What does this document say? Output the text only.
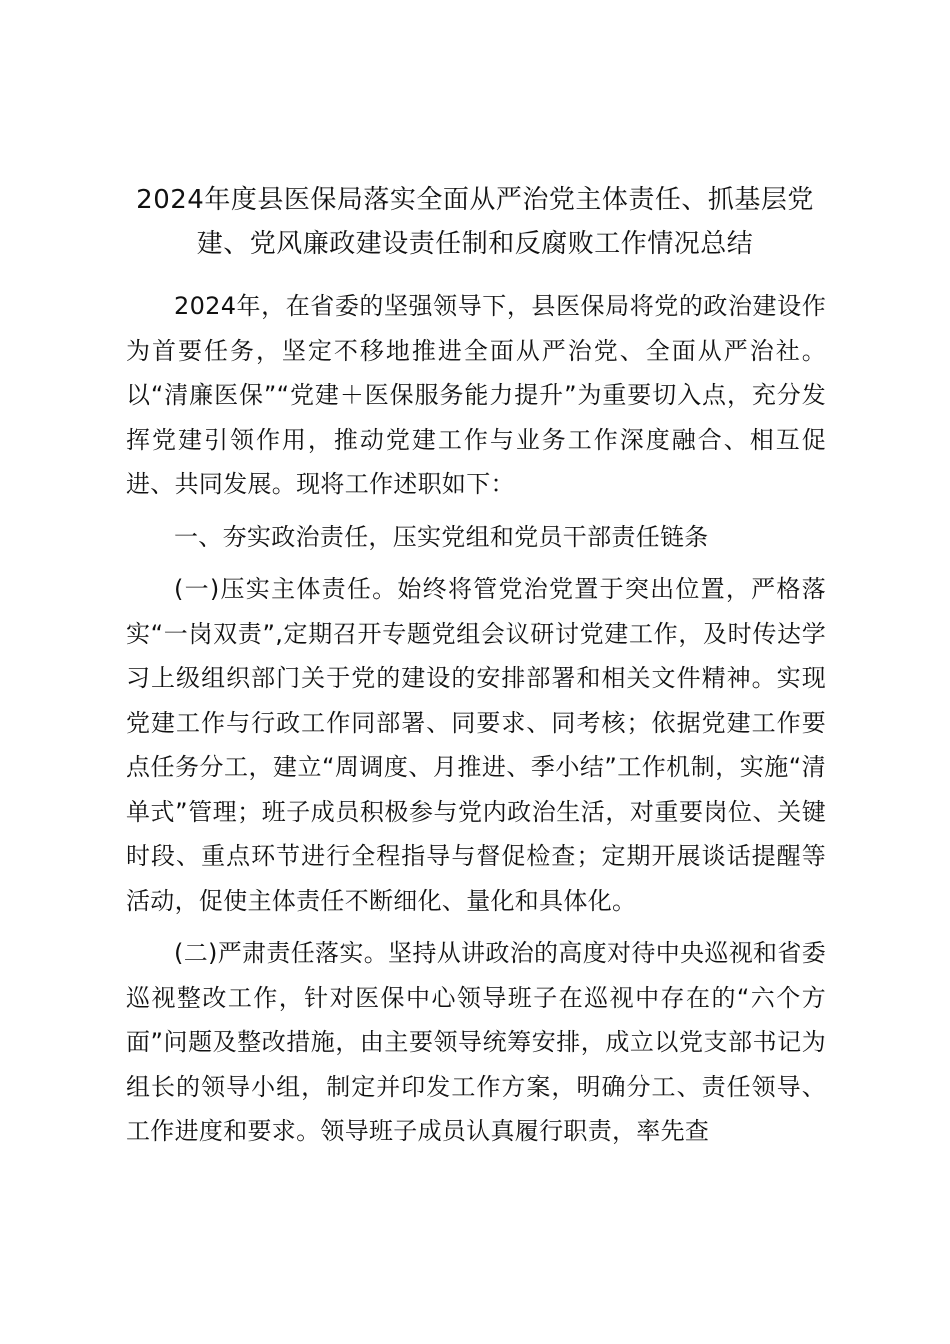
2024年度县医保局落实全面从严治党主体责任、抓基层党建、党风廉政建设责任制和反腐败工作情况总结

2024年，在省委的坚强领导下，县医保局将党的政治建设作为首要任务，坚定不移地推进全面从严治党、全面从严治社。以“清廉医保”“党建＋医保服务能力提升”为重要切入点，充分发挥党建引领作用，推动党建工作与业务工作深度融合、相互促进、共同发展。现将工作述职如下：

一、夯实政治责任，压实党组和党员干部责任链条

(一)压实主体责任。始终将管党治党置于突出位置，严格落实“一岗双责”,定期召开专题党组会议研讨党建工作，及时传达学习上级组织部门关于党的建设的安排部署和相关文件精神。实现党建工作与行政工作同部署、同要求、同考核；依据党建工作要点任务分工，建立“周调度、月推进、季小结”工作机制，实施“清单式”管理；班子成员积极参与党内政治生活，对重要岗位、关键时段、重点环节进行全程指导与督促检查；定期开展谈话提醒等活动，促使主体责任不断细化、量化和具体化。

(二)严肃责任落实。坚持从讲政治的高度对待中央巡视和省委巡视整改工作，针对医保中心领导班子在巡视中存在的“六个方面”问题及整改措施，由主要领导统筹安排，成立以党支部书记为组长的领导小组，制定并印发工作方案，明确分工、责任领导、工作进度和要求。领导班子成员认真履行职责，率先查
